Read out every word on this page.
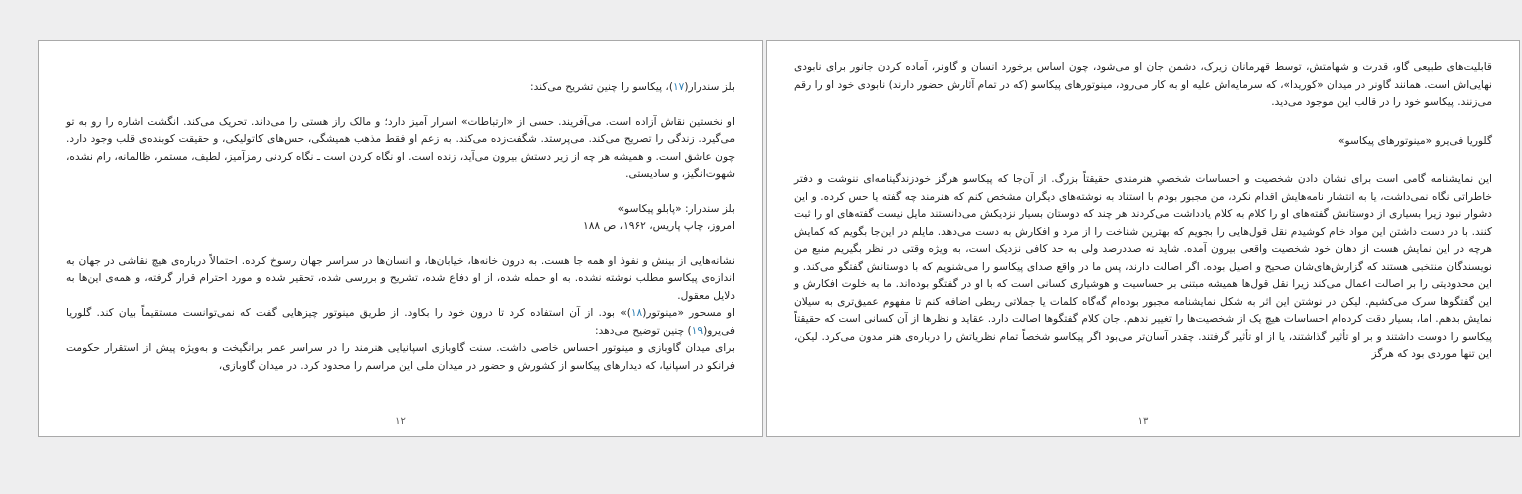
بلز سندرار(۱۷)، پیکاسو را چنین تشریح می‌کند:

او نخستین نقاش آزاده است. می‌آفریند. حسی از «ارتباطات» اسرار آمیز دارد؛ و مالک راز هستی را می‌داند. تحریک می‌کند. انگشت اشاره را رو به تو می‌گیرد. زندگی را تصریح می‌کند. می‌پرستد. شگفت‌زده می‌کند. به زعم او فقط مذهب همیشگی، حس‌های کاتولیکی، و حقیقت کوبنده‌ی قلب وجود دارد. چون عاشق است. و همیشه هر چه از زیر دستش بیرون می‌آید، زنده است. او نگاه کردن است ـ نگاه کردنی رمزآمیز، لطیف، مستمر، ظالمانه، رام نشده، شهوت‌انگیز، و سادیستی.

بلز سندرار: «پابلو پیکاسو»

امروز، چاپ پاریس، ۱۹۶۲، ص ۱۸۸

نشانه‌هایی از بینش و نفوذ او همه جا هست. به درون خانه‌ها، خیابان‌ها، و انسان‌ها در سراسر جهان رسوخ کرده. احتمالاً درباره‌ی هیچ نقاشی در جهان به اندازه‌ی پیکاسو مطلب نوشته نشده. به او حمله شده، از او دفاع شده، تشریح و بررسی شده، تحقیر شده و مورد احترام قرار گرفته، و همه‌ی این‌ها به دلایل معقول.

او مسحور «مینوتور(۱۸)» بود. از آن استفاده کرد تا درون خود را بکاود. از طریق مینوتور چیزهایی گفت که نمی‌توانست مستقیماً بیان کند. گلوریا فی‌یرو(۱۹) چنین توضیح می‌دهد:

برای میدان گاوبازی و مینوتور احساس خاصی داشت. سنت گاوبازی اسپانیایی هنرمند را در سراسر عمر برانگیخت و به‌ویژه پیش از استقرار حکومت فرانکو در اسپانیا، که دیدارهای پیکاسو از کشورش و حضور در میدان ملی این مراسم را محدود کرد. در میدان گاوبازی،

۱۲

قابلیت‌های طبیعی گاو، قدرت و شهامتش، توسط قهرمانان زیرک، دشمن جان او می‌شود، چون اساس برخورد انسان و گاونر، آماده کردن جانور برای نابودی نهایی‌اش است. همانند گاونر در میدان «کوریدا»، که سرمایه‌اش علیه او به کار می‌رود، مینوتورهای پیکاسو (که در تمام آثارش حضور دارند) نابودی خود او را رقم می‌زنند. پیکاسو خود را در قالب این موجود می‌دید.

گلوریا فی‌یرو «مینوتورهای پیکاسو»

این نمایشنامه گامی است برای نشان دادن شخصیت و احساسات شخصی‌ِ هنرمندی حقیقتاً بزرگ. از آن‌جا که پیکاسو هرگز خودزندگینامه‌ای ننوشت و دفتر خاطراتی نگاه نمی‌داشت، یا به انتشار نامه‌هایش اقدام نکرد، من مجبور بودم با استناد به نوشته‌های دیگران مشخص کنم که هنرمند چه گفته یا حس کرده. و این دشوار نبود زیرا بسیاری از دوستانش گفته‌های او را کلام به کلام یادداشت می‌کردند هر چند که دوستان بسیار نزدیکش می‌دانستند مایل نیست گفته‌های او را ثبت کنند. با در دست داشتن این مواد خام کوشیدم نقل قول‌هایی را بجویم که بهترین شناخت را از مرد و افکارش به دست می‌دهد. مایلم در این‌جا بگویم که کمایش هرچه در این نمایش هست از دهان خود شخصیت واقعی بیرون آمده. شاید نه صددرصد ولی به حد کافی نزدیک است، به ویژه وقتی در نظر بگیریم منبع من نویسندگان منتخبی هستند که گزارش‌های‌شان صحیح و اصیل بوده. اگر اصالت دارند، پس ما در واقع صدای پیکاسو را می‌شنویم که با دوستانش گفتگو می‌کند. و این محدودیتی را بر اصالت اعمال می‌کند زیرا نقل قول‌ها همیشه مبتنی بر حساسیت و هوشیاری کسانی است که با او در گفتگو بوده‌اند. ما به خلوت افکارش و این گفتگوها سرک می‌کشیم. لیکن در نوشتن این اثر به شکل نمایشنامه مجبور بوده‌ام گه‌گاه کلمات یا جملاتی ربطی اضافه کنم تا مفهوم عمیق‌تری به سیلان نمایش بدهم. اما، بسیار دقت کرده‌ام احساسات هیچ یک از شخصیت‌ها را تغییر ندهم. جان کلام گفتگو‌ها اصالت دارد. عقاید و نظرها از آن کسانی است که حقیقتاً پیکاسو را دوست داشتند و بر او تأثیر گذاشتند، یا از او تأثیر گرفتند. چقدر آسان‌تر می‌بود اگر پیکاسو شخصاً تمام نظریاتش را درباره‌ی هنر مدون می‌کرد. لیکن، این تنها موردی بود که هرگز

۱۳
